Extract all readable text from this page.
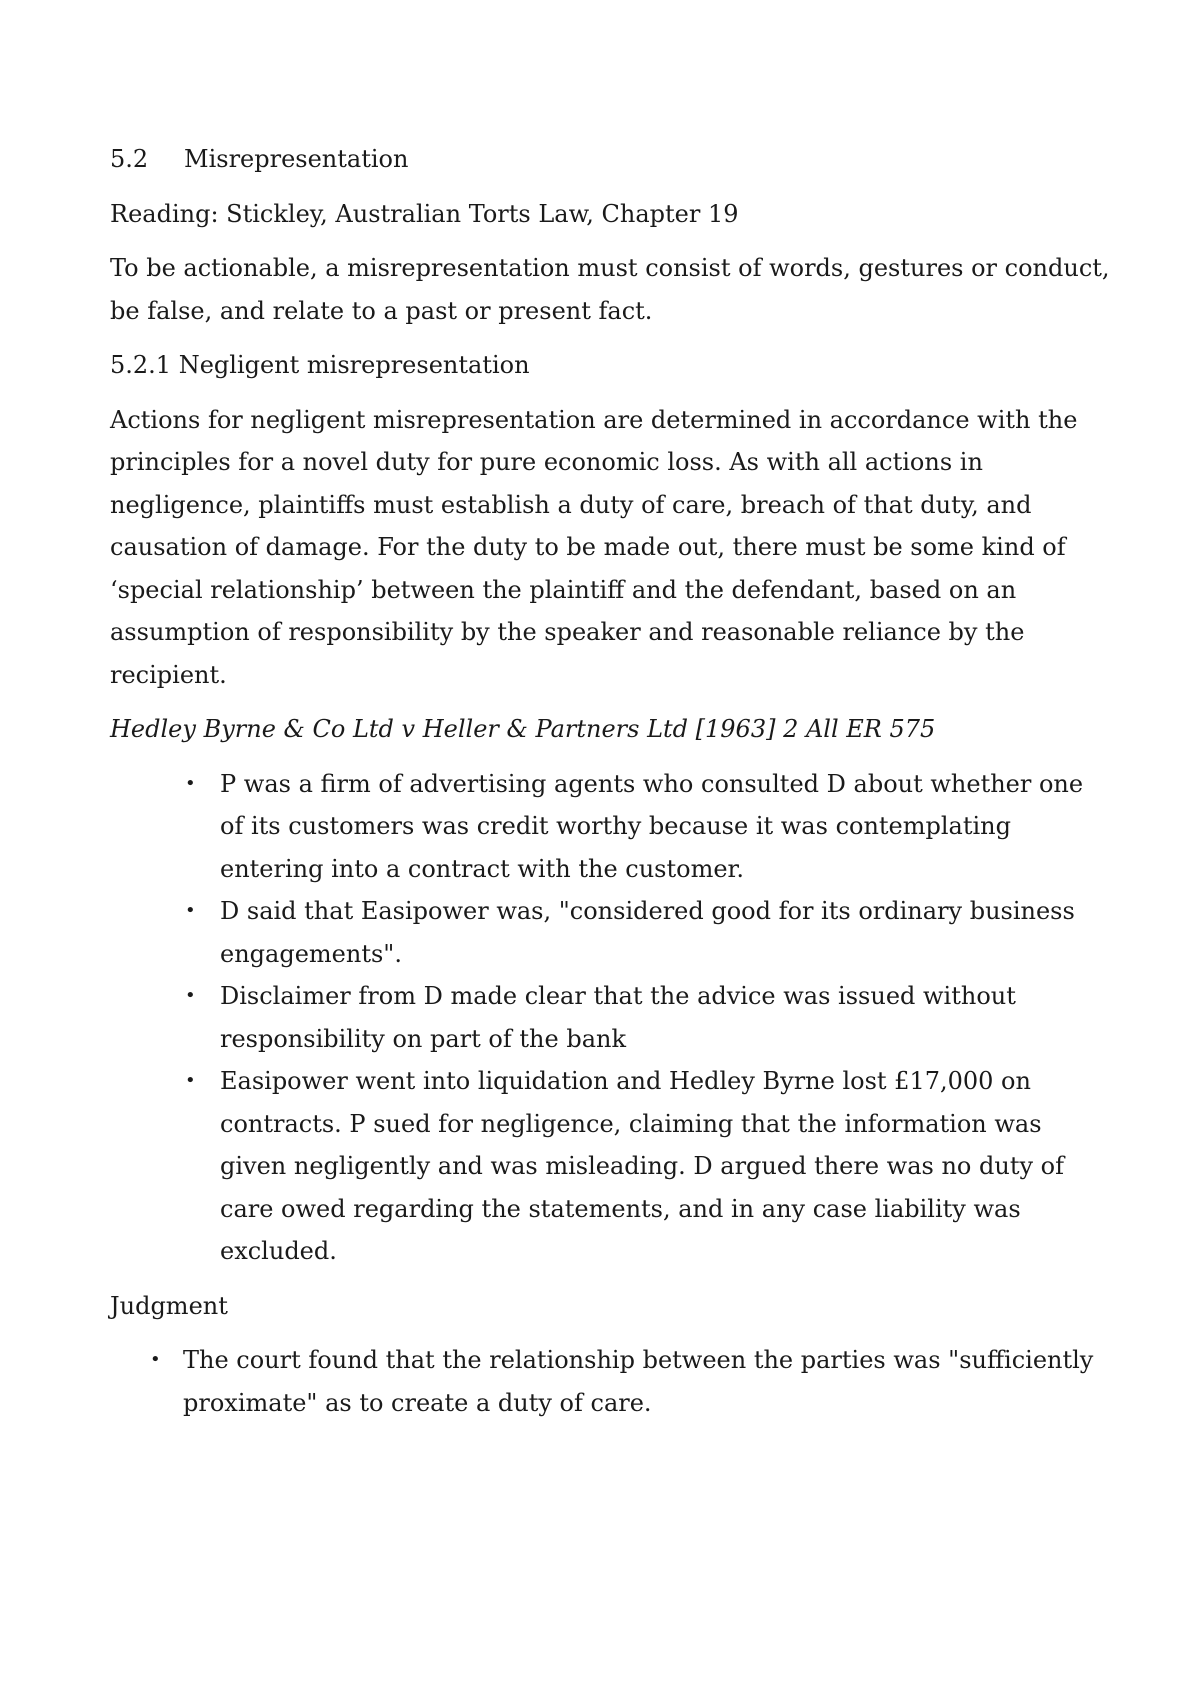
5.2	Misrepresentation

Reading: Stickley, Australian Torts Law, Chapter 19

To be actionable, a misrepresentation must consist of words, gestures or conduct, be false, and relate to a past or present fact.

5.2.1 Negligent misrepresentation

Actions for negligent misrepresentation are determined in accordance with the principles for a novel duty for pure economic loss. As with all actions in negligence, plaintiffs must establish a duty of care, breach of that duty, and causation of damage. For the duty to be made out, there must be some kind of ‘special relationship’ between the plaintiff and the defendant, based on an assumption of responsibility by the speaker and reasonable reliance by the recipient.

Hedley Byrne & Co Ltd v Heller & Partners Ltd [1963] 2 All ER 575

• P was a firm of advertising agents who consulted D about whether one of its customers was credit worthy because it was contemplating entering into a contract with the customer.
• D said that Easipower was, "considered good for its ordinary business engagements".
• Disclaimer from D made clear that the advice was issued without responsibility on part of the bank
• Easipower went into liquidation and Hedley Byrne lost £17,000 on contracts. P sued for negligence, claiming that the information was given negligently and was misleading. D argued there was no duty of care owed regarding the statements, and in any case liability was excluded.

Judgment

• The court found that the relationship between the parties was "sufficiently proximate" as to create a duty of care.
